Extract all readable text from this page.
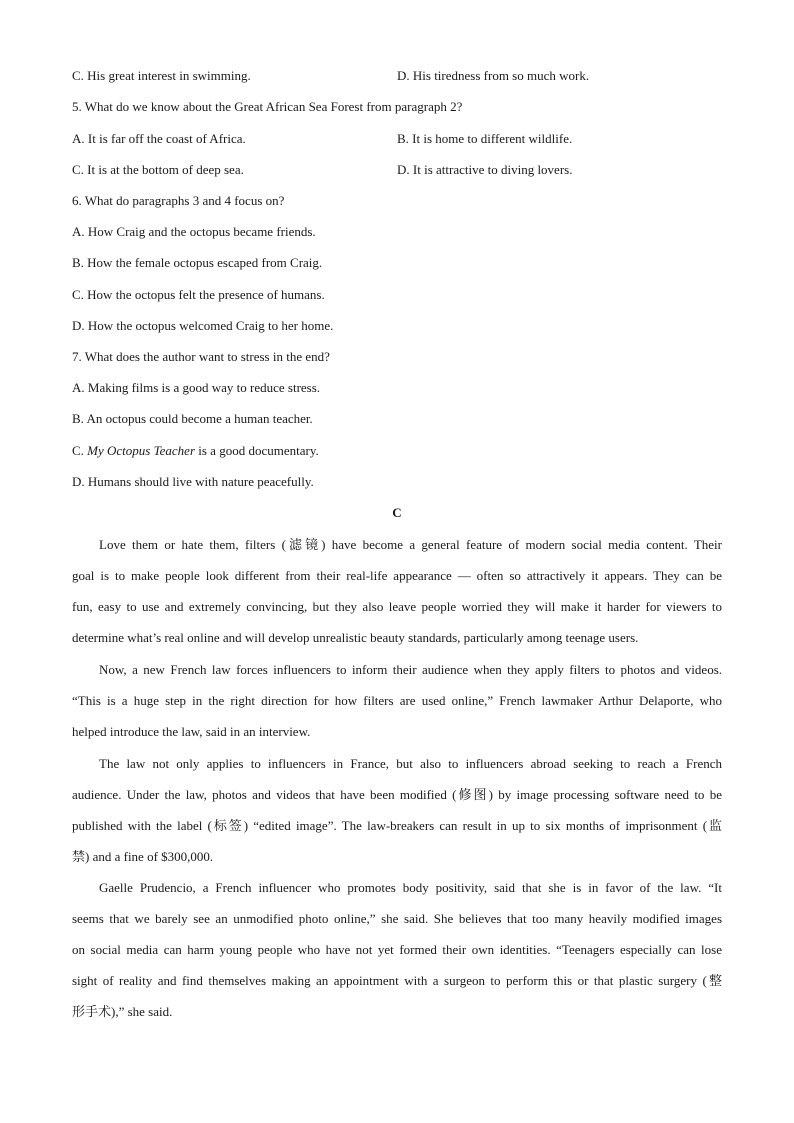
C. His great interest in swimming.	D. His tiredness from so much work.
5. What do we know about the Great African Sea Forest from paragraph 2?
A. It is far off the coast of Africa.	B. It is home to different wildlife.
C. It is at the bottom of deep sea.	D. It is attractive to diving lovers.
6. What do paragraphs 3 and 4 focus on?
A. How Craig and the octopus became friends.
B. How the female octopus escaped from Craig.
C. How the octopus felt the presence of humans.
D. How the octopus welcomed Craig to her home.
7. What does the author want to stress in the end?
A. Making films is a good way to reduce stress.
B. An octopus could become a human teacher.
C. My Octopus Teacher is a good documentary.
D. Humans should live with nature peacefully.
C
Love them or hate them, filters (滤镜) have become a general feature of modern social media content. Their
goal is to make people look different from their real-life appearance — often so attractively it appears. They can be
fun, easy to use and extremely convincing, but they also leave people worried they will make it harder for viewers to
determine what’s real online and will develop unrealistic beauty standards, particularly among teenage users.
Now, a new French law forces influencers to inform their audience when they apply filters to photos and videos.
“This is a huge step in the right direction for how filters are used online,” French lawmaker Arthur Delaporte, who
helped introduce the law, said in an interview.
The law not only applies to influencers in France, but also to influencers abroad seeking to reach a French
audience. Under the law, photos and videos that have been modified (修图) by image processing software need to be
published with the label (标签) “edited image”. The law-breakers can result in up to six months of imprisonment (监
禁) and a fine of $300,000.
Gaelle Prudencio, a French influencer who promotes body positivity, said that she is in favor of the law. “It
seems that we barely see an unmodified photo online,” she said. She believes that too many heavily modified images
on social media can harm young people who have not yet formed their own identities. “Teenagers especially can lose
sight of reality and find themselves making an appointment with a surgeon to perform this or that plastic surgery (整
形手术),” she said.
